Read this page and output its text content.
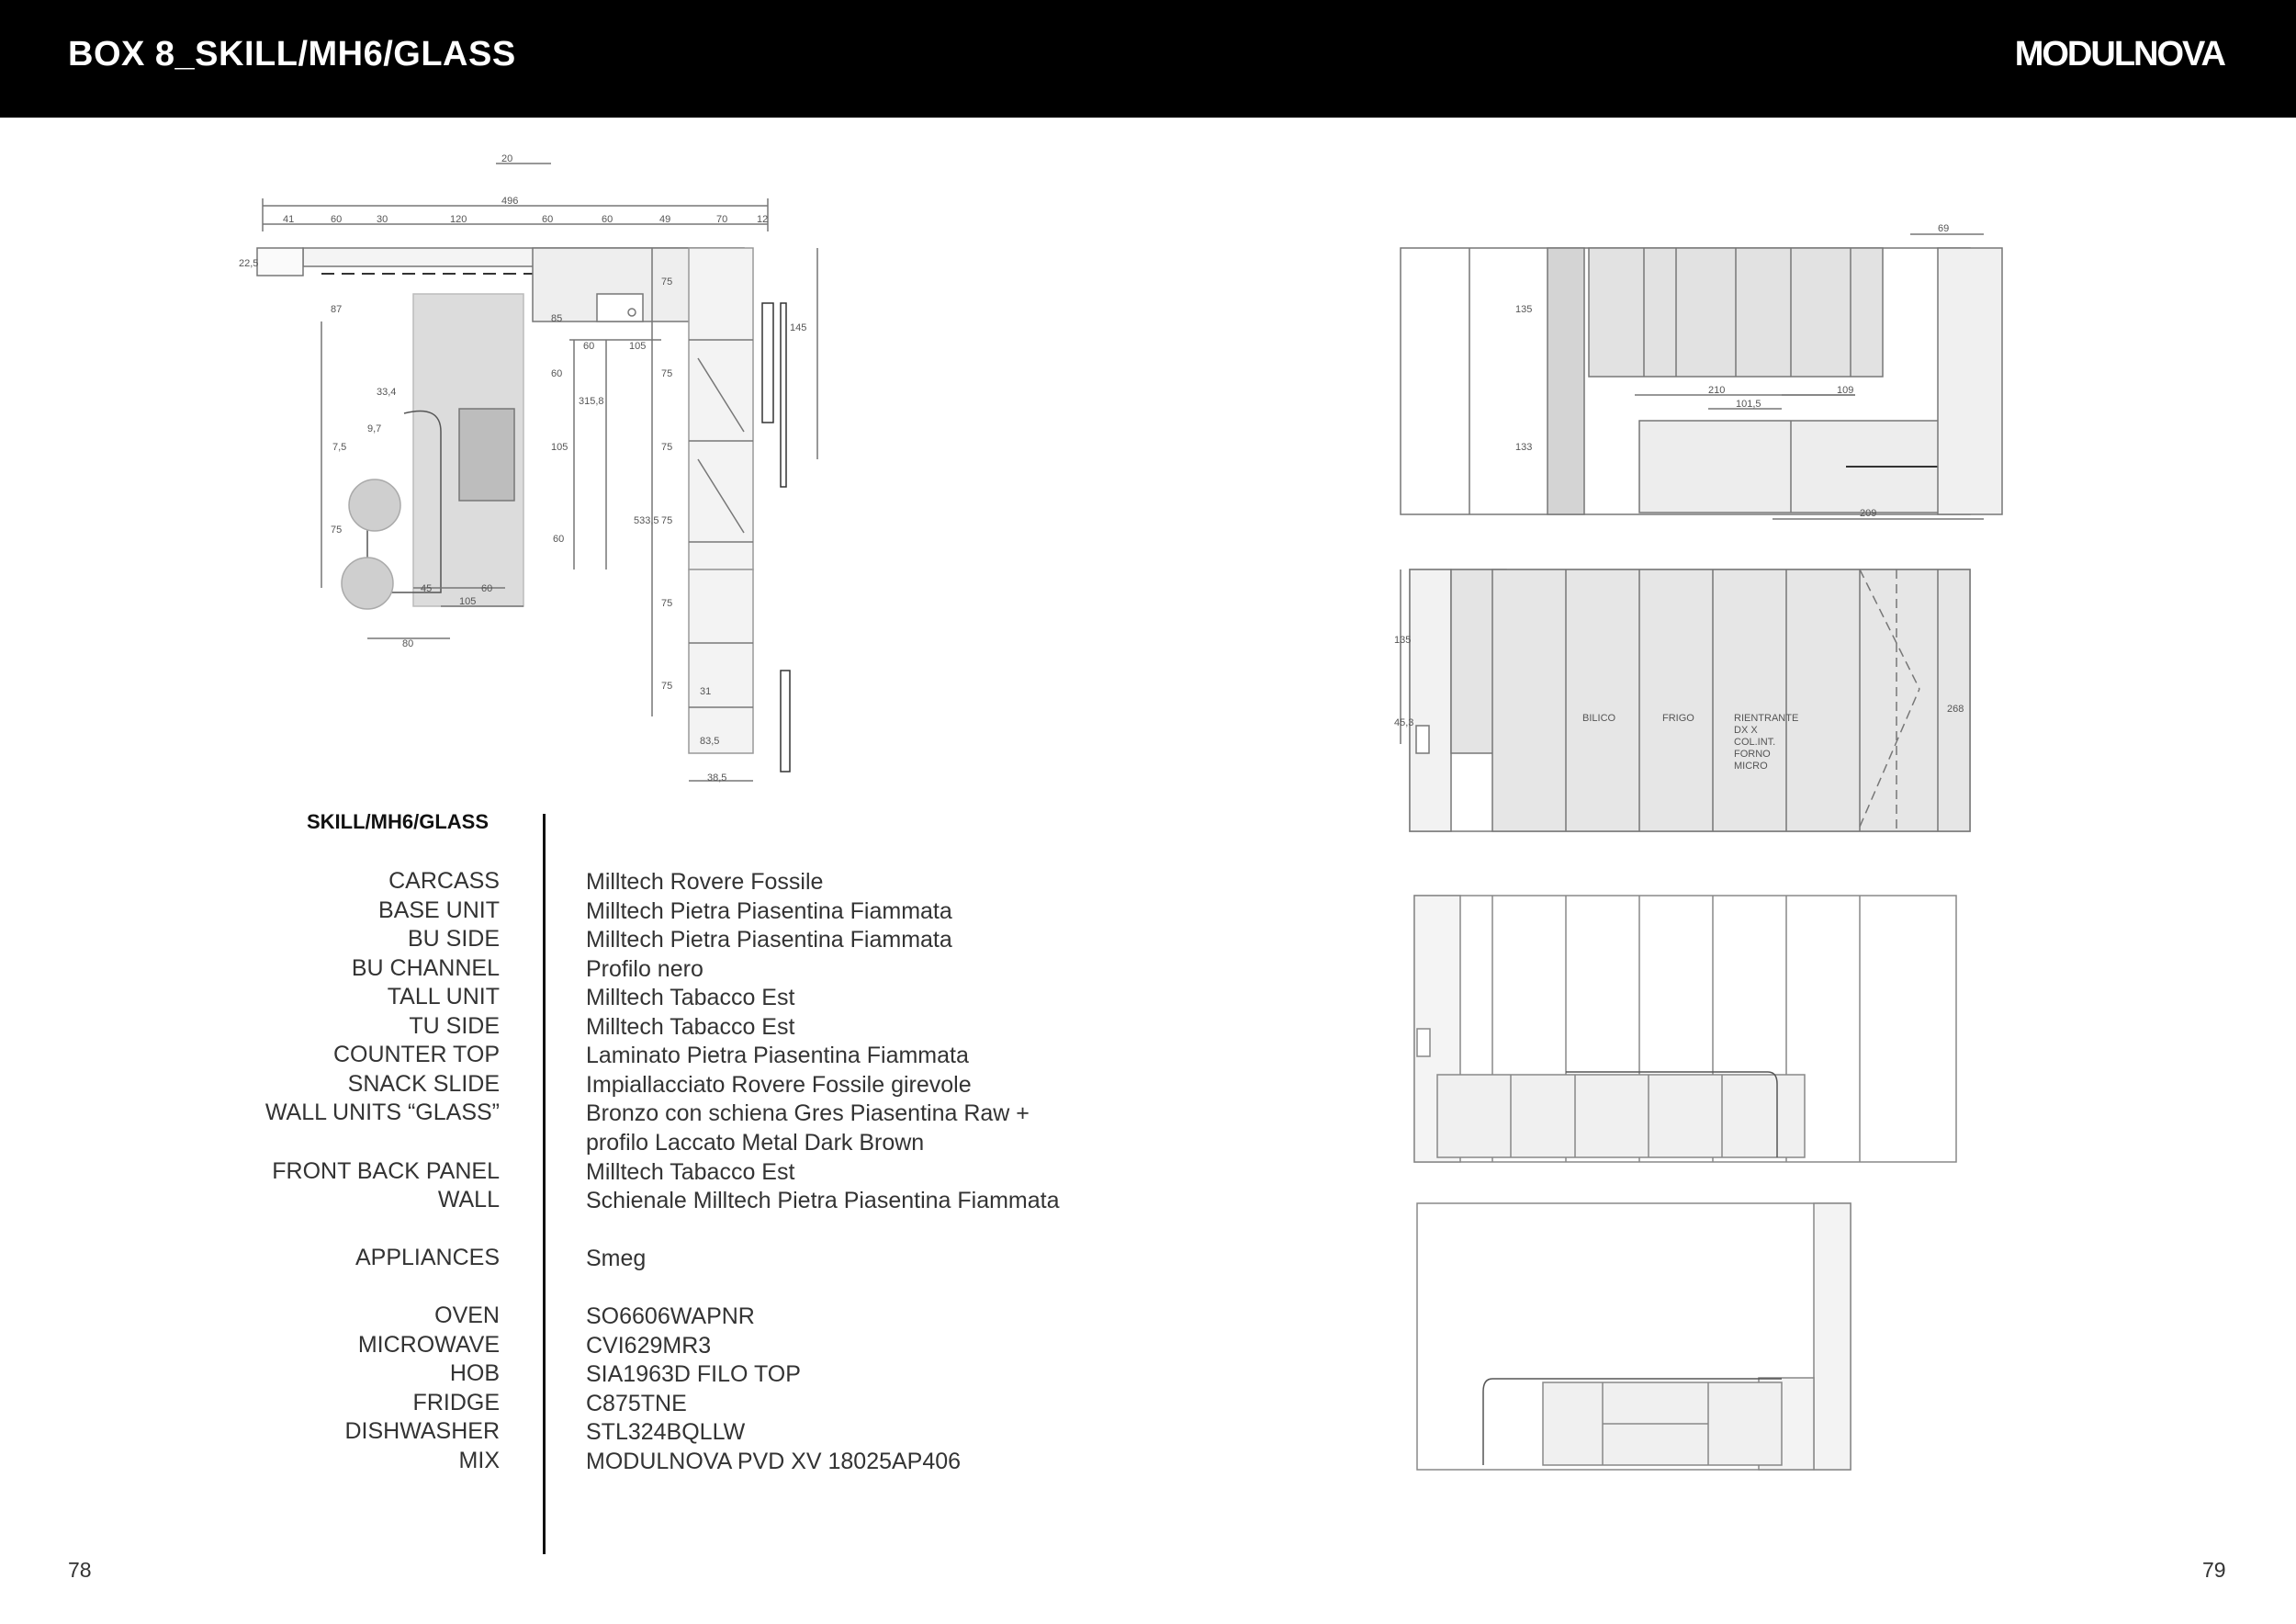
BOX 8_SKILL/MH6/GLASS	MODULNOVA
20
496
41	60	30	120	60	60	49	70	12
22,5
87
33,4
9,7
7,5
75
85
60
105
60
60	105
315,8
45	60
105
80
75
75
75
75
75
75
533,5
145
31
83,5
38,5
69
135
133
210
101,5
109
209
135
45,3
268
BILICO	FRIGO	RIENTRANTE
DX X
COL.INT.
FORNO
MICRO
SKILL/MH6/GLASS
CARCASS	Milltech Rovere Fossile
BASE UNIT	Milltech Pietra Piasentina Fiammata
BU SIDE	Milltech Pietra Piasentina Fiammata
BU CHANNEL	Profilo nero
TALL UNIT	Milltech Tabacco Est
TU SIDE	Milltech Tabacco Est
COUNTER TOP	Laminato Pietra Piasentina Fiammata
SNACK SLIDE	Impiallacciato Rovere Fossile girevole
WALL UNITS “GLASS”	Bronzo con schiena Gres Piasentina Raw +
profilo Laccato Metal Dark Brown
FRONT BACK PANEL	Milltech Tabacco Est
WALL	Schienale Milltech Pietra Piasentina Fiammata
APPLIANCES	Smeg
OVEN	SO6606WAPNR
MICROWAVE	CVI629MR3
HOB	SIA1963D FILO TOP
FRIDGE	C875TNE
DISHWASHER	STL324BQLLW
MIX	MODULNOVA PVD XV 18025AP406
78	79
